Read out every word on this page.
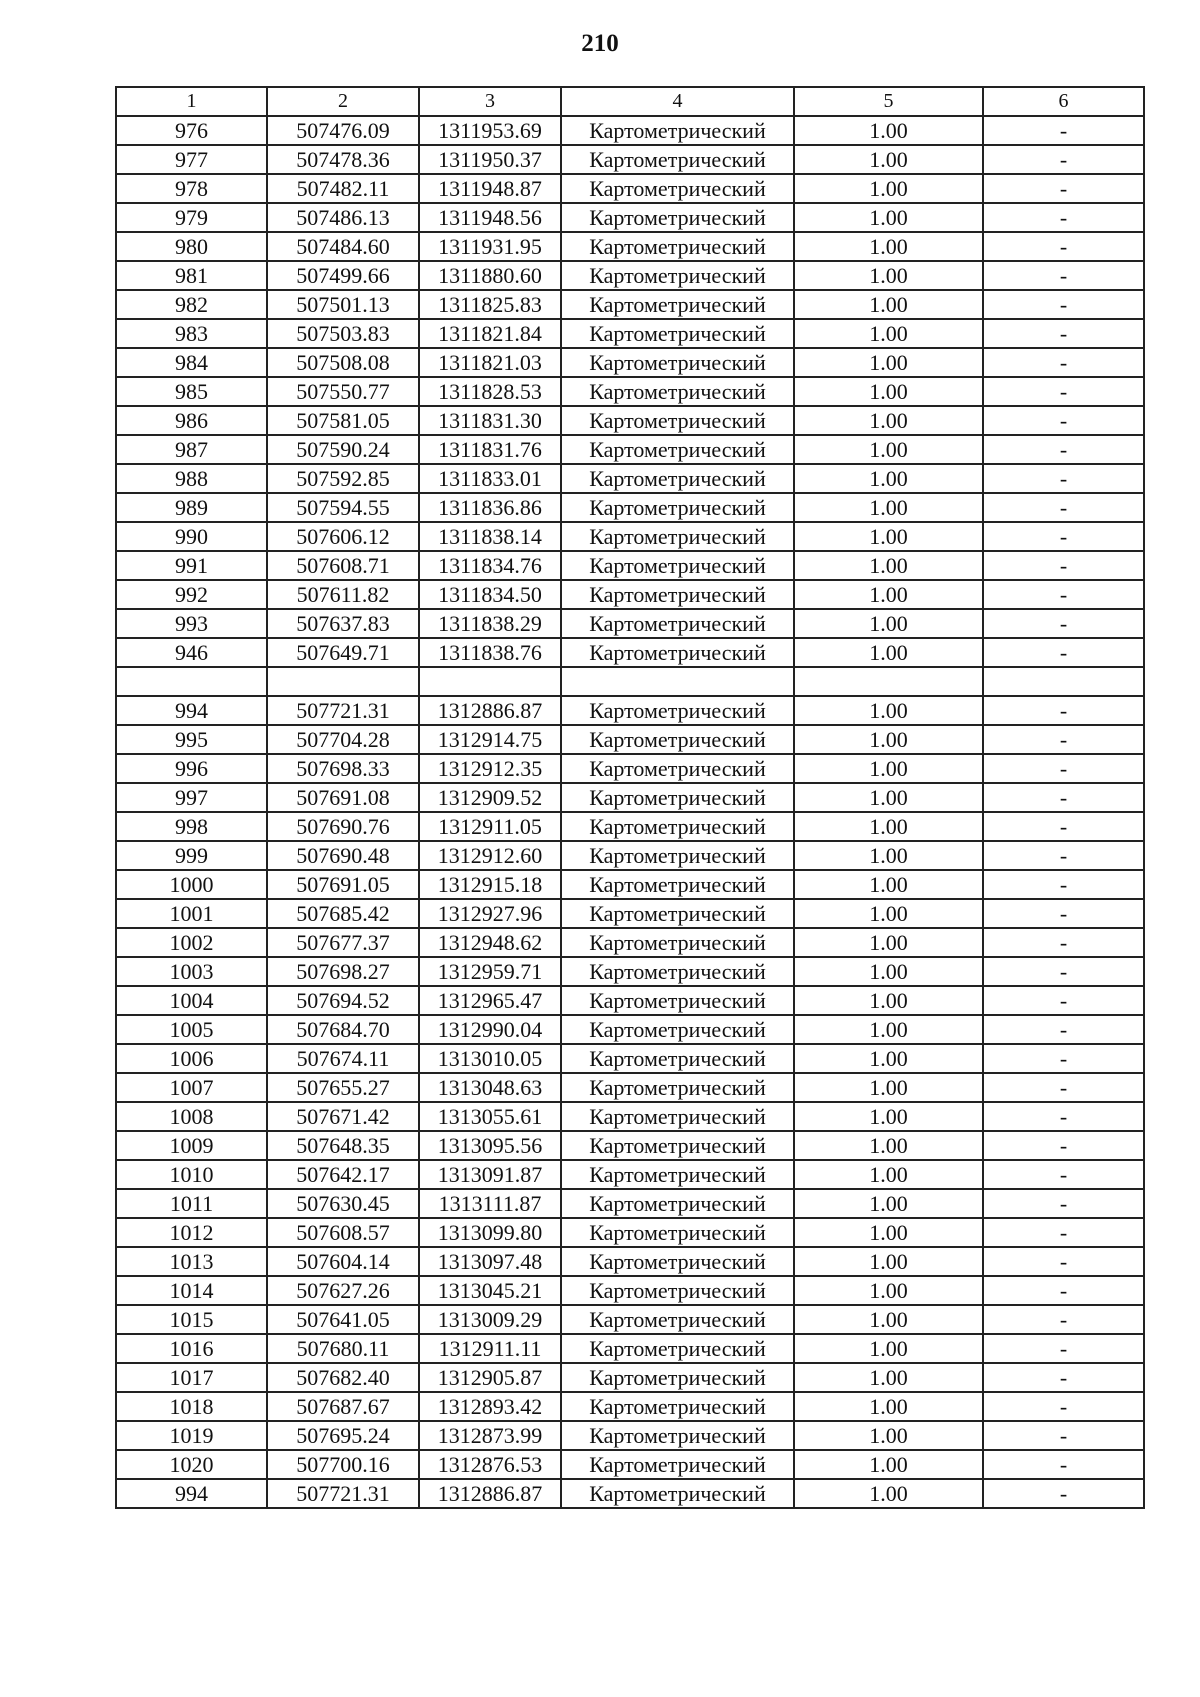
210
1	2	3	4	5	6
976	507476.09	1311953.69	Картометрический	1.00	-
977	507478.36	1311950.37	Картометрический	1.00	-
978	507482.11	1311948.87	Картометрический	1.00	-
979	507486.13	1311948.56	Картометрический	1.00	-
980	507484.60	1311931.95	Картометрический	1.00	-
981	507499.66	1311880.60	Картометрический	1.00	-
982	507501.13	1311825.83	Картометрический	1.00	-
983	507503.83	1311821.84	Картометрический	1.00	-
984	507508.08	1311821.03	Картометрический	1.00	-
985	507550.77	1311828.53	Картометрический	1.00	-
986	507581.05	1311831.30	Картометрический	1.00	-
987	507590.24	1311831.76	Картометрический	1.00	-
988	507592.85	1311833.01	Картометрический	1.00	-
989	507594.55	1311836.86	Картометрический	1.00	-
990	507606.12	1311838.14	Картометрический	1.00	-
991	507608.71	1311834.76	Картометрический	1.00	-
992	507611.82	1311834.50	Картометрический	1.00	-
993	507637.83	1311838.29	Картометрический	1.00	-
946	507649.71	1311838.76	Картометрический	1.00	-

994	507721.31	1312886.87	Картометрический	1.00	-
995	507704.28	1312914.75	Картометрический	1.00	-
996	507698.33	1312912.35	Картометрический	1.00	-
997	507691.08	1312909.52	Картометрический	1.00	-
998	507690.76	1312911.05	Картометрический	1.00	-
999	507690.48	1312912.60	Картометрический	1.00	-
1000	507691.05	1312915.18	Картометрический	1.00	-
1001	507685.42	1312927.96	Картометрический	1.00	-
1002	507677.37	1312948.62	Картометрический	1.00	-
1003	507698.27	1312959.71	Картометрический	1.00	-
1004	507694.52	1312965.47	Картометрический	1.00	-
1005	507684.70	1312990.04	Картометрический	1.00	-
1006	507674.11	1313010.05	Картометрический	1.00	-
1007	507655.27	1313048.63	Картометрический	1.00	-
1008	507671.42	1313055.61	Картометрический	1.00	-
1009	507648.35	1313095.56	Картометрический	1.00	-
1010	507642.17	1313091.87	Картометрический	1.00	-
1011	507630.45	1313111.87	Картометрический	1.00	-
1012	507608.57	1313099.80	Картометрический	1.00	-
1013	507604.14	1313097.48	Картометрический	1.00	-
1014	507627.26	1313045.21	Картометрический	1.00	-
1015	507641.05	1313009.29	Картометрический	1.00	-
1016	507680.11	1312911.11	Картометрический	1.00	-
1017	507682.40	1312905.87	Картометрический	1.00	-
1018	507687.67	1312893.42	Картометрический	1.00	-
1019	507695.24	1312873.99	Картометрический	1.00	-
1020	507700.16	1312876.53	Картометрический	1.00	-
994	507721.31	1312886.87	Картометрический	1.00	-
